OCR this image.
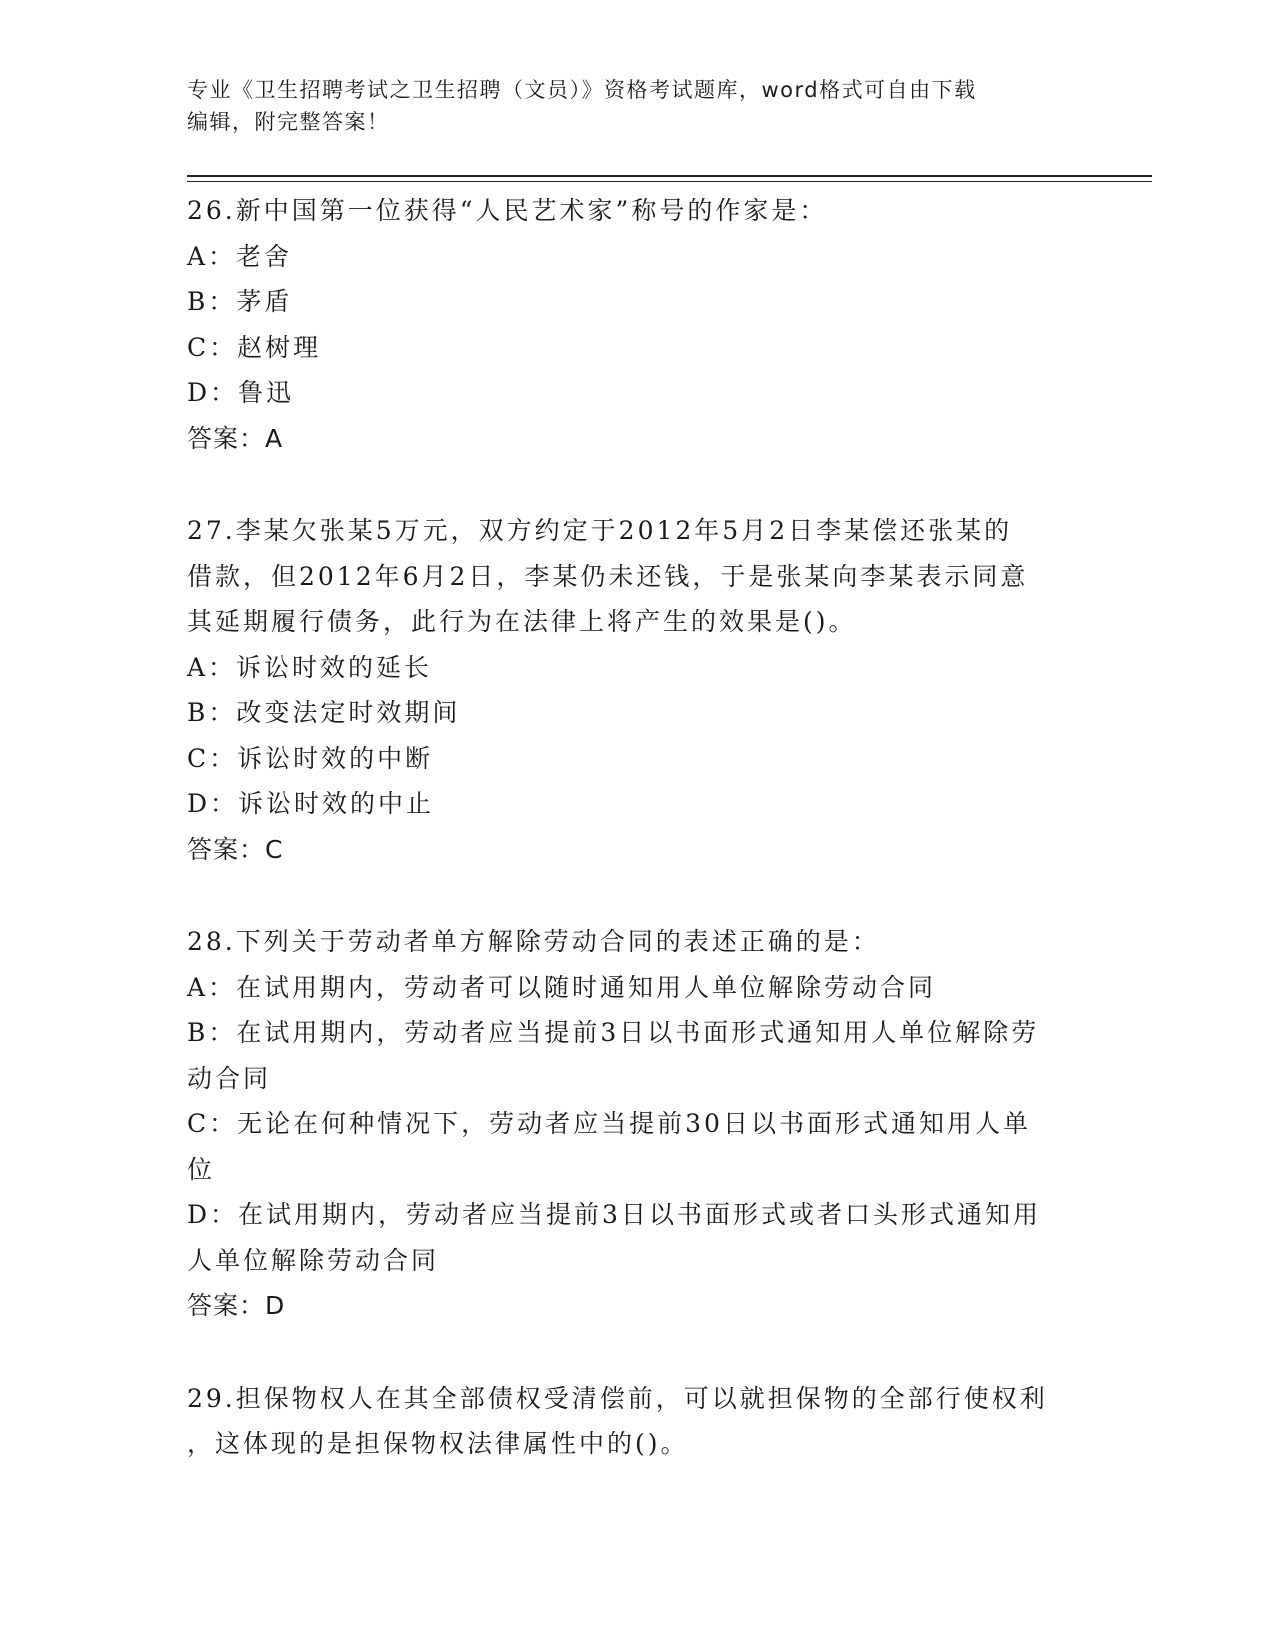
专业《卫生招聘考试之卫生招聘（文员）》资格考试题库，word格式可自由下载
编辑，附完整答案！

26.新中国第一位获得“人民艺术家”称号的作家是：

A：老舍

B：茅盾

C：赵树理

D：鲁迅

答案：A

27.李某欠张某5万元，双方约定于2012年5月2日李某偿还张某的

借款，但2012年6月2日，李某仍未还钱，于是张某向李某表示同意

其延期履行债务，此行为在法律上将产生的效果是()。

A：诉讼时效的延长

B：改变法定时效期间

C：诉讼时效的中断

D：诉讼时效的中止

答案：C

28.下列关于劳动者单方解除劳动合同的表述正确的是：

A：在试用期内，劳动者可以随时通知用人单位解除劳动合同

B：在试用期内，劳动者应当提前3日以书面形式通知用人单位解除劳

动合同

C：无论在何种情况下，劳动者应当提前30日以书面形式通知用人单

位

D：在试用期内，劳动者应当提前3日以书面形式或者口头形式通知用

人单位解除劳动合同

答案：D

29.担保物权人在其全部债权受清偿前，可以就担保物的全部行使权利

，这体现的是担保物权法律属性中的()。
